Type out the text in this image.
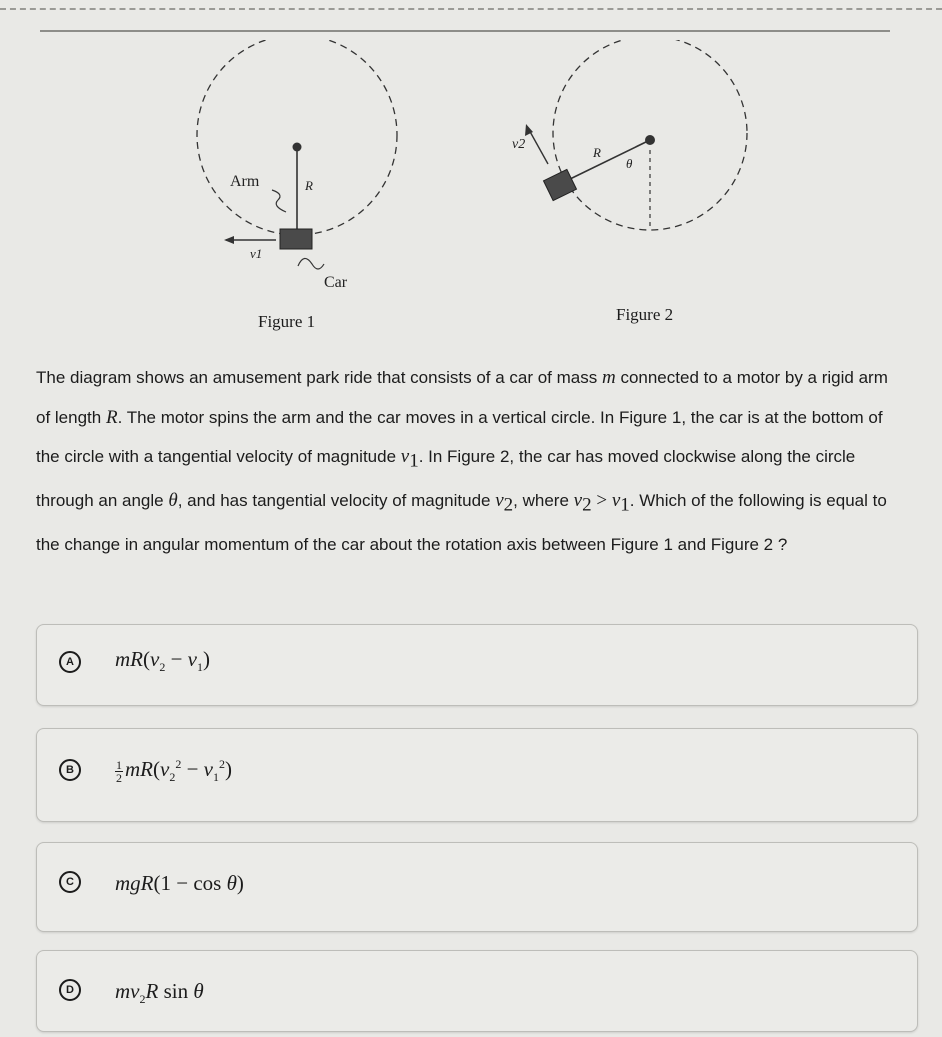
Arm	R
v1
Car
v2
R
θ
Figure 1	Figure 2

The diagram shows an amusement park ride that consists of a car of mass m connected to a motor by a rigid arm of length R. The motor spins the arm and the car moves in a vertical circle. In Figure 1, the car is at the bottom of the circle with a tangential velocity of magnitude $v_1$. In Figure 2, the car has moved clockwise along the circle through an angle θ, and has tangential velocity of magnitude $v_2$, where $v_2 > v_1$. Which of the following is equal to the change in angular momentum of the car about the rotation axis between Figure 1 and Figure 2 ?

A	$mR(v_2 - v_1)$
B	$\frac{1}{2} mR(v_2^2 - v_1^2)$
C	mgR(1 − cos θ)
D	$mv_2R$ sin θ
